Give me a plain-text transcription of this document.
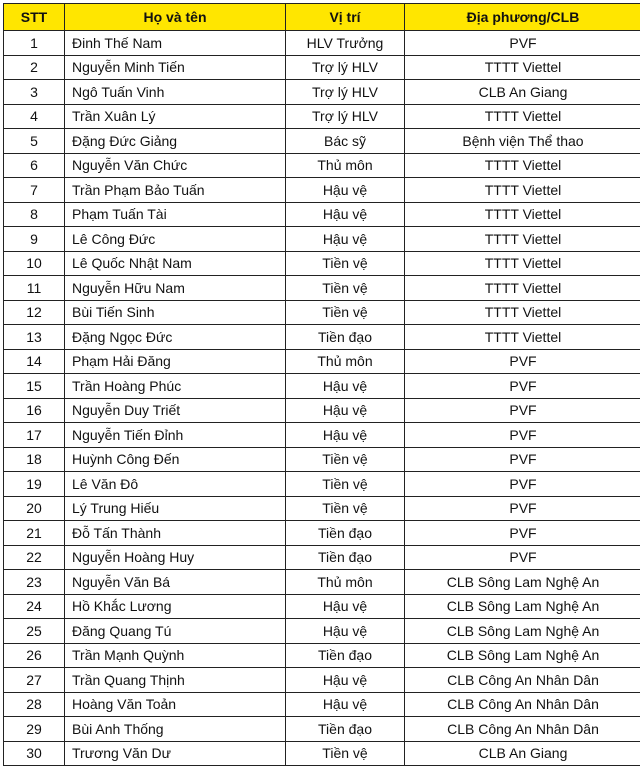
STT	Họ và tên	Vị trí	Địa phương/CLB
1	Đinh Thế Nam	HLV Trưởng	PVF
2	Nguyễn Minh Tiến	Trợ lý HLV	TTTT Viettel
3	Ngô Tuấn Vinh	Trợ lý HLV	CLB An Giang
4	Trần Xuân Lý	Trợ lý HLV	TTTT Viettel
5	Đặng Đức Giảng	Bác sỹ	Bệnh viện Thể thao
6	Nguyễn Văn Chức	Thủ môn	TTTT Viettel
7	Trần Phạm Bảo Tuấn	Hậu vệ	TTTT Viettel
8	Phạm Tuấn Tài	Hậu vệ	TTTT Viettel
9	Lê Công Đức	Hậu vệ	TTTT Viettel
10	Lê Quốc Nhật Nam	Tiền vệ	TTTT Viettel
11	Nguyễn Hữu Nam	Tiền vệ	TTTT Viettel
12	Bùi Tiến Sinh	Tiền vệ	TTTT Viettel
13	Đặng Ngọc Đức	Tiền đạo	TTTT Viettel
14	Phạm Hải Đăng	Thủ môn	PVF
15	Trần Hoàng Phúc	Hậu vệ	PVF
16	Nguyễn Duy Triết	Hậu vệ	PVF
17	Nguyễn Tiến Đỉnh	Hậu vệ	PVF
18	Huỳnh Công Đến	Tiền vệ	PVF
19	Lê Văn Đô	Tiền vệ	PVF
20	Lý Trung Hiếu	Tiền vệ	PVF
21	Đỗ Tấn Thành	Tiền đạo	PVF
22	Nguyễn Hoàng Huy	Tiền đạo	PVF
23	Nguyễn Văn Bá	Thủ môn	CLB Sông Lam Nghệ An
24	Hồ Khắc Lương	Hậu vệ	CLB Sông Lam Nghệ An
25	Đăng Quang Tú	Hậu vệ	CLB Sông Lam Nghệ An
26	Trần Mạnh Quỳnh	Tiền đạo	CLB Sông Lam Nghệ An
27	Trần Quang Thịnh	Hậu vệ	CLB Công An Nhân Dân
28	Hoàng Văn Toản	Hậu vệ	CLB Công An Nhân Dân
29	Bùi Anh Thống	Tiền đạo	CLB Công An Nhân Dân
30	Trương Văn Dư	Tiền vệ	CLB An Giang
